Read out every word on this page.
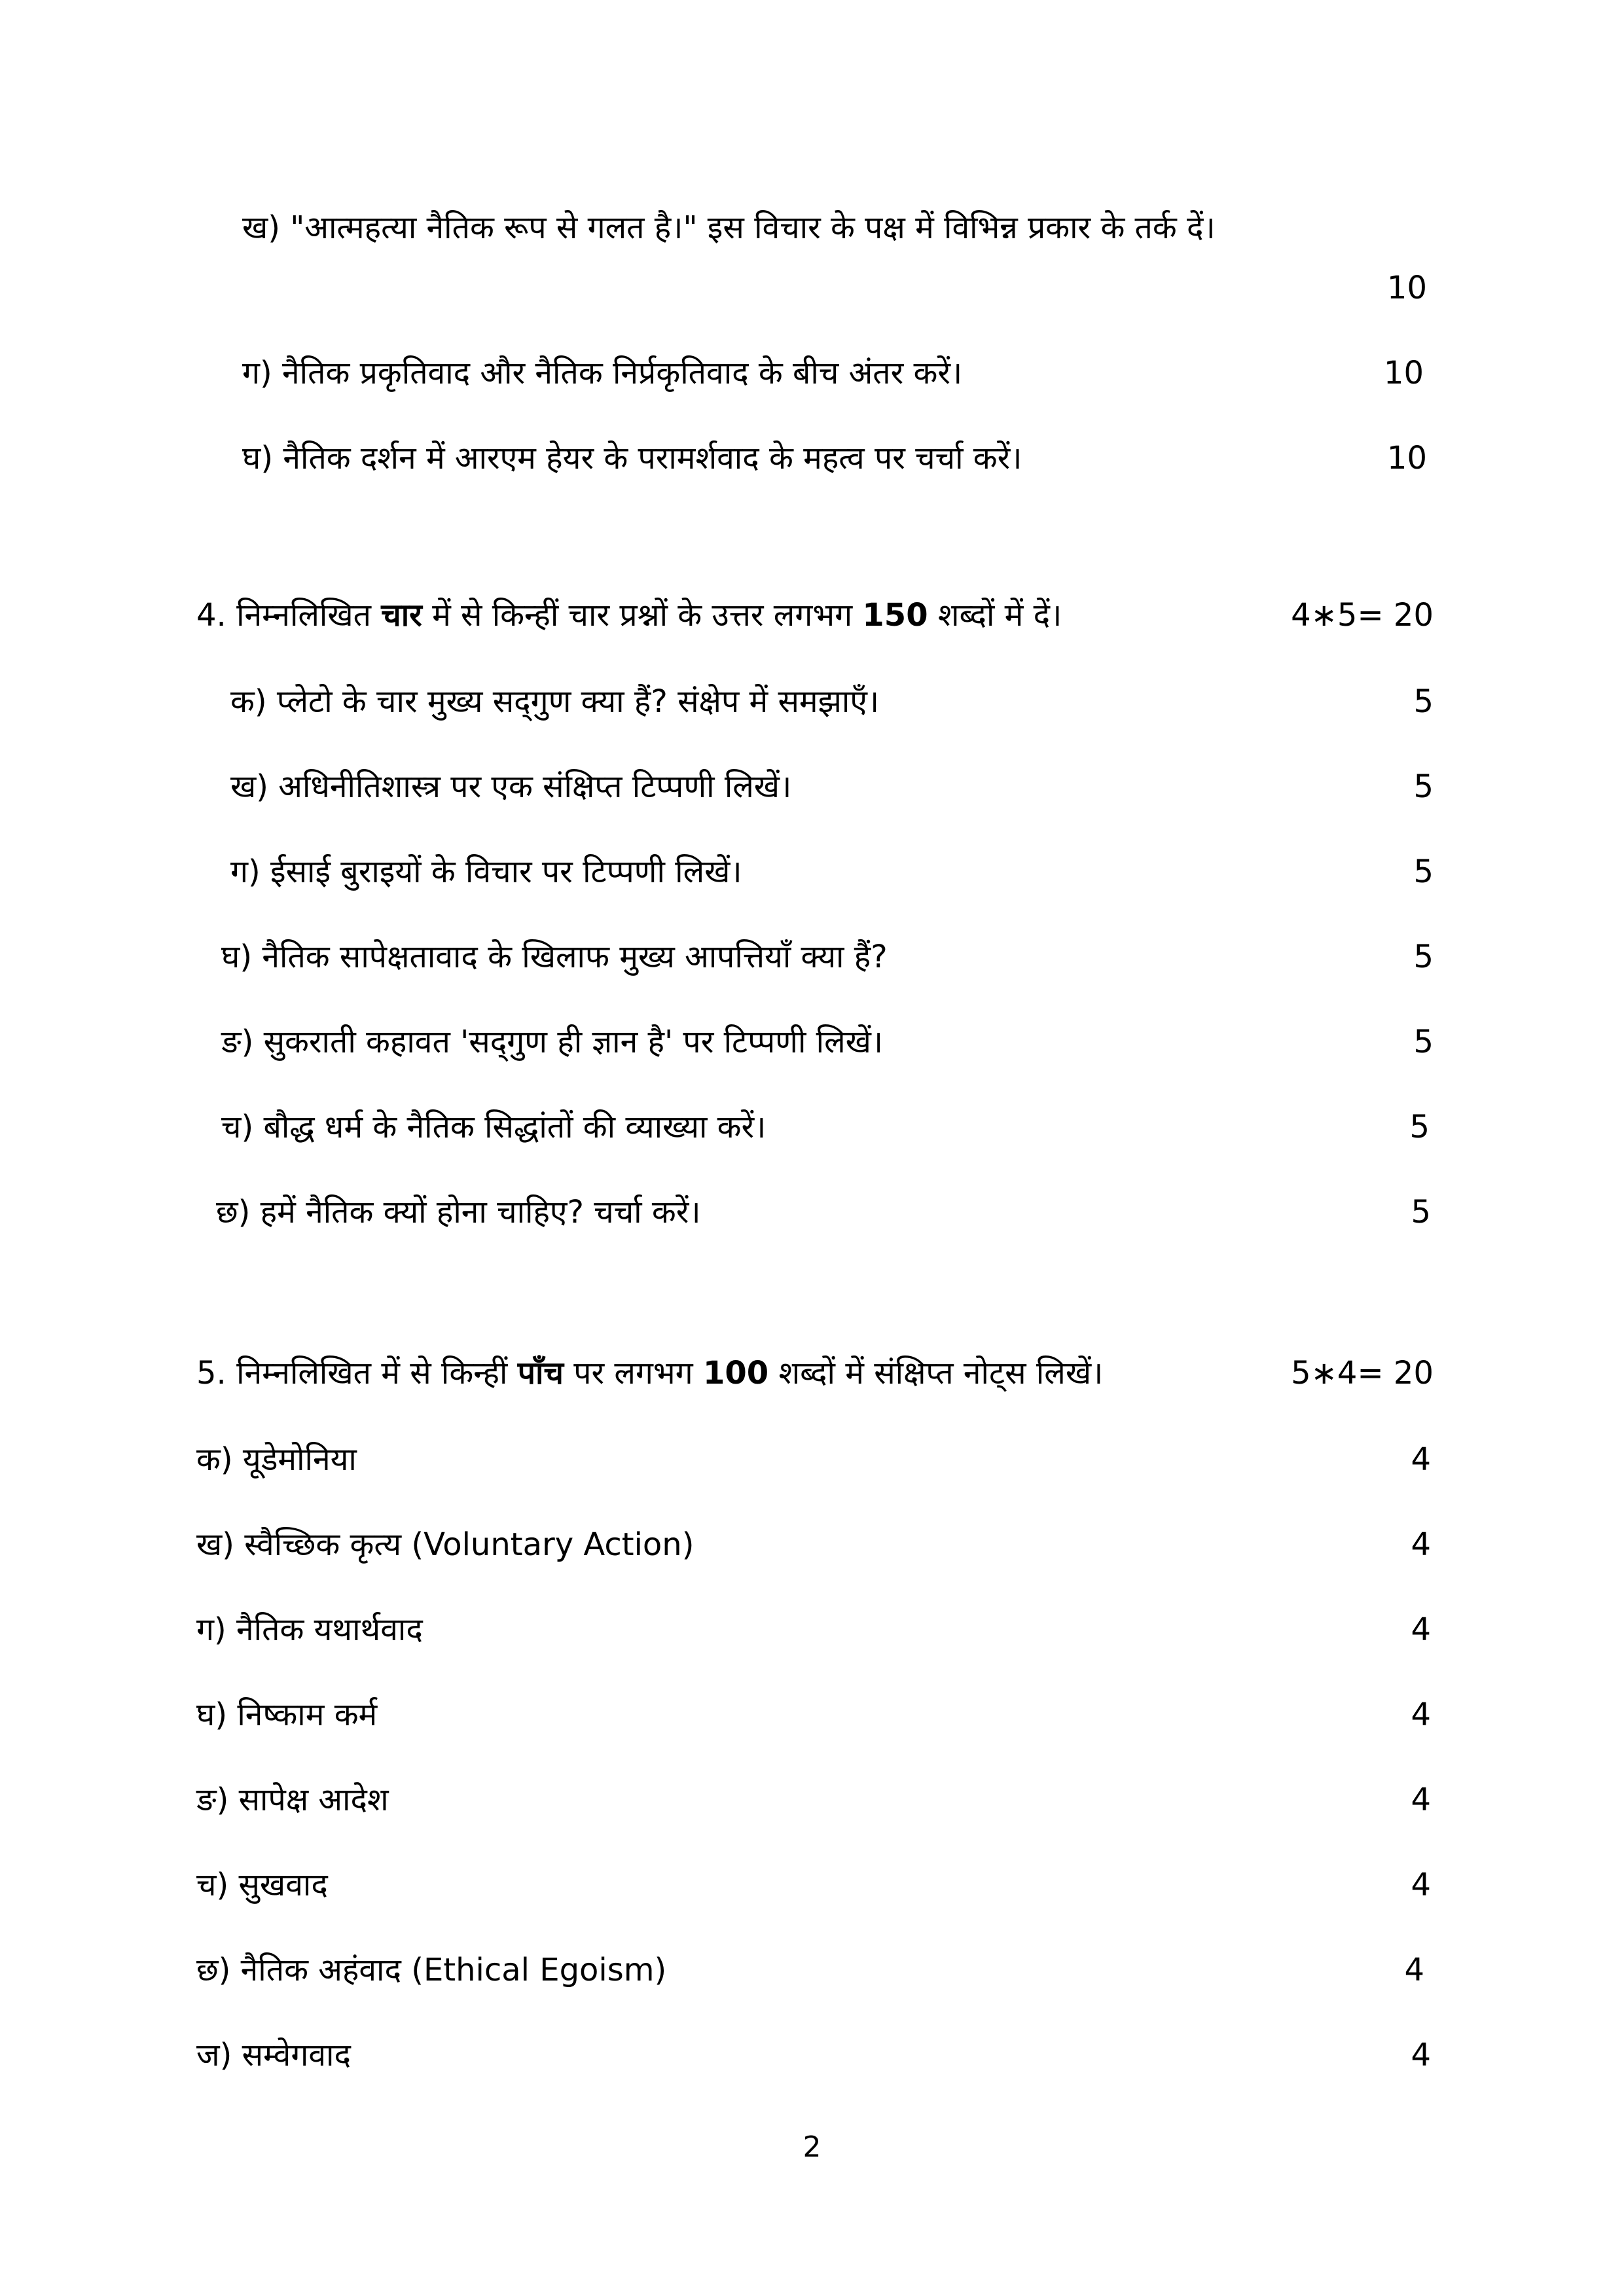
ख) "आत्महत्या नैतिक रूप से गलत है।" इस विचार के पक्ष में विभिन्न प्रकार के तर्क दें।
10
ग) नैतिक प्रकृतिवाद और नैतिक निर्प्रकृतिवाद के बीच अंतर करें।	10
घ) नैतिक दर्शन में आरएम हेयर के परामर्शवाद के महत्व पर चर्चा करें।	10
4. निम्नलिखित चार में से किन्हीं चार प्रश्नों के उत्तर लगभग 150 शब्दों में दें।	4∗5= 20
क) प्लेटो के चार मुख्य सद्‌गुण क्या हैं? संक्षेप में समझाएँ।	5
ख) अधिनीतिशास्त्र पर एक संक्षिप्त टिप्पणी लिखें।	5
ग) ईसाई बुराइयों के विचार पर टिप्पणी लिखें।	5
घ) नैतिक सापेक्षतावाद के खिलाफ मुख्य आपत्तियाँ क्या हैं?	5
ङ) सुकराती कहावत 'सद्‌गुण ही ज्ञान है' पर टिप्पणी लिखें।	5
च) बौद्ध धर्म के नैतिक सिद्धांतों की व्याख्या करें।	5
छ) हमें नैतिक क्यों होना चाहिए? चर्चा करें।	5
5. निम्नलिखित में से किन्हीं पाँच पर लगभग 100 शब्दों में संक्षिप्त नोट्स लिखें।	5∗4= 20
क) यूडेमोनिया	4
ख) स्वैच्छिक कृत्य (Voluntary Action)	4
ग) नैतिक यथार्थवाद	4
घ) निष्काम कर्म	4
ङ) सापेक्ष आदेश	4
च) सुखवाद	4
छ) नैतिक अहंवाद (Ethical Egoism)	4
ज) सम्वेगवाद	4
2
